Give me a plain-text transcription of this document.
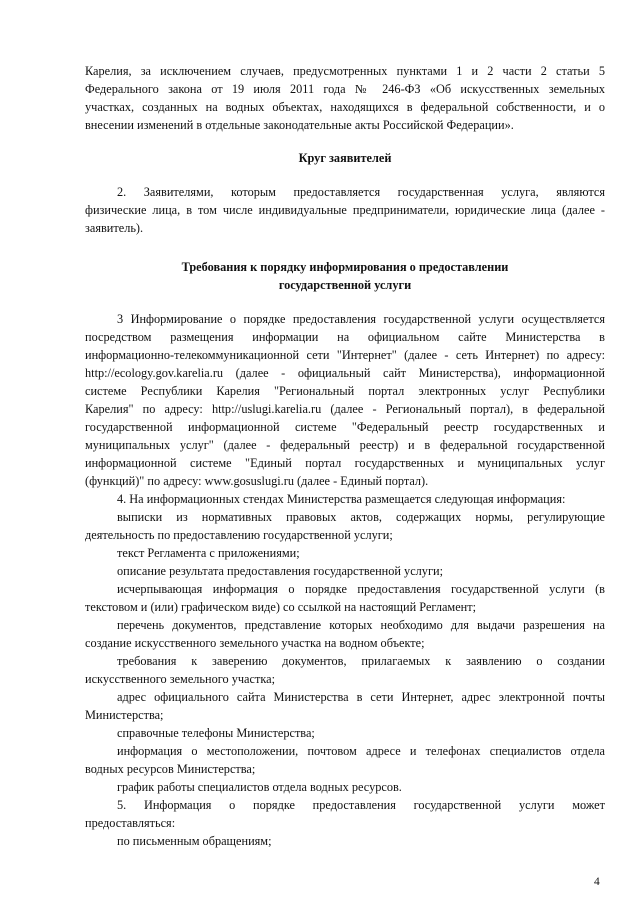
Карелия, за исключением случаев, предусмотренных пунктами 1 и 2 части 2 статьи 5
Федерального закона от 19 июля 2011 года № 246-ФЗ «Об искусственных земельных
участках, созданных на водных объектах, находящихся в федеральной собственности, и о
внесении изменений в отдельные законодательные акты Российской Федерации».
Круг заявителей
2. Заявителями, которым предоставляется государственная услуга, являются
физические лица, в том числе индивидуальные предприниматели, юридические лица (далее -
заявитель).
Требования к порядку информирования о предоставлении
государственной услуги
3 Информирование о порядке предоставления государственной услуги осуществляется
посредством размещения информации на официальном сайте Министерства в
информационно-телекоммуникационной сети "Интернет" (далее - сеть Интернет) по адресу:
http://ecology.gov.karelia.ru (далее - официальный сайт Министерства), информационной
системе Республики Карелия "Региональный портал электронных услуг Республики
Карелия" по адресу: http://uslugi.karelia.ru (далее - Региональный портал), в федеральной
государственной информационной системе "Федеральный реестр государственных и
муниципальных услуг" (далее - федеральный реестр) и в федеральной государственной
информационной системе "Единый портал государственных и муниципальных услуг
(функций)" по адресу: www.gosuslugi.ru (далее - Единый портал).
4. На информационных стендах Министерства размещается следующая информация:
выписки из нормативных правовых актов, содержащих нормы, регулирующие
деятельность по предоставлению государственной услуги;
текст Регламента с приложениями;
описание результата предоставления государственной услуги;
исчерпывающая информация о порядке предоставления государственной услуги (в
текстовом и (или) графическом виде) со ссылкой на настоящий Регламент;
перечень документов, представление которых необходимо для выдачи разрешения на
создание искусственного земельного участка на водном объекте;
требования к заверению документов, прилагаемых к заявлению о создании
искусственного земельного участка;
адрес официального сайта Министерства в сети Интернет, адрес электронной почты
Министерства;
справочные телефоны Министерства;
информация о местоположении, почтовом адресе и телефонах специалистов отдела
водных ресурсов Министерства;
график работы специалистов отдела водных ресурсов.
5. Информация о порядке предоставления государственной услуги может
предоставляться:
по письменным обращениям;
4
